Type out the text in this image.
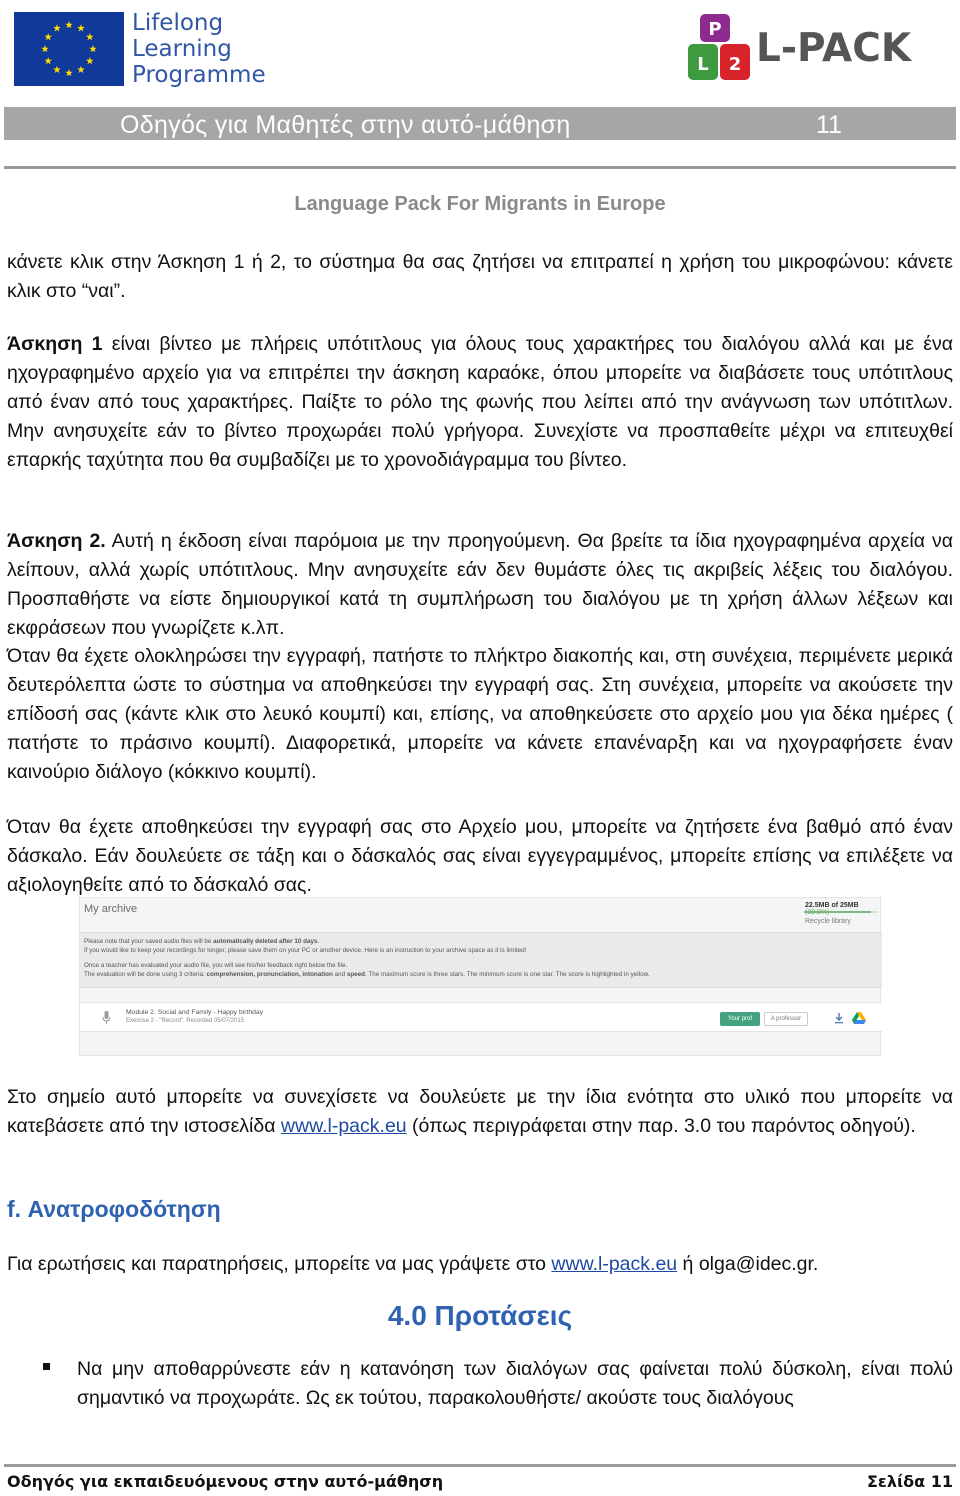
Lifelong
Learning
Programme
P
L 2 L-PACK
Οδηγός για Μαθητές στην αυτό-μάθηση	11
Language Pack For Migrants in Europe
κάνετε κλικ στην Άσκηση 1 ή 2, το σύστημα θα σας ζητήσει να επιτραπεί η χρήση του μικροφώνου: κάνετε κλικ στο “ναι”.
Άσκηση 1 είναι βίντεο με πλήρεις υπότιτλους για όλους τους χαρακτήρες του διαλόγου αλλά και με ένα ηχογραφημένο αρχείο για να επιτρέπει την άσκηση καραόκε, όπου μπορείτε να διαβάσετε τους υπότιτλους από έναν από τους χαρακτήρες. Παίξτε το ρόλο της φωνής που λείπει από την ανάγνωση των υπότιτλων. Μην ανησυχείτε εάν το βίντεο προχωράει πολύ γρήγορα. Συνεχίστε να προσπαθείτε μέχρι να επιτευχθεί επαρκής ταχύτητα που θα συμβαδίζει με το χρονοδιάγραμμα του βίντεο.
Άσκηση 2. Αυτή η έκδοση είναι παρόμοια με την προηγούμενη. Θα βρείτε τα ίδια ηχογραφημένα αρχεία να λείπουν, αλλά χωρίς υπότιτλους. Μην ανησυχείτε εάν δεν θυμάστε όλες τις ακριβείς λέξεις του διαλόγου. Προσπαθήστε να είστε δημιουργικοί κατά τη συμπλήρωση του διαλόγου με τη χρήση άλλων λέξεων και εκφράσεων που γνωρίζετε κ.λπ.
Όταν θα έχετε ολοκληρώσει την εγγραφή, πατήστε το πλήκτρο διακοπής και, στη συνέχεια, περιμένετε μερικά δευτερόλεπτα ώστε το σύστημα να αποθηκεύσει την εγγραφή σας. Στη συνέχεια, μπορείτε να ακούσετε την επίδοσή σας (κάντε κλικ στο λευκό κουμπί) και, επίσης, να αποθηκεύσετε στο αρχείο μου για δέκα ημέρες ( πατήστε το πράσινο κουμπί). Διαφορετικά, μπορείτε να κάνετε επανέναρξη και να ηχογραφήσετε έναν καινούριο διάλογο (κόκκινο κουμπί).
Όταν θα έχετε αποθηκεύσει την εγγραφή σας στο Αρχείο μου, μπορείτε να ζητήσετε ένα βαθμό από έναν δάσκαλο. Εάν δουλεύετε σε τάξη και ο δάσκαλός σας είναι εγγεγραμμένος, μπορείτε επίσης να επιλέξετε να αξιολογηθείτε από το δάσκαλό σας.
My archive	22.5MB of 25MB
Recycle library
Please note that your saved audio files will be automatically deleted after 10 days.
If you would like to keep your recordings for longer, please save them on your PC or another device. Here is an instruction to your archive space as it is limited!
Once a teacher has evaluated your audio file, you will see his/her feedback right below the file.
The evaluation will be done using 3 criteria: comprehension, pronunciation, intonation and speed. The maximum score is three stars. The minimum score is one star. The score is highlighted in yellow.
Module 2. Social and Family - Happy birthday
Exercise 2 - "Record". Recorded 05/07/2015	Your prof	A professor
Στο σημείο αυτό μπορείτε να συνεχίσετε να δουλεύετε με την ίδια ενότητα στο υλικό που μπορείτε να κατεβάσετε από την ιστοσελίδα www.l-pack.eu (όπως περιγράφεται στην παρ. 3.0 του παρόντος οδηγού).
f. Ανατροφοδότηση
Για ερωτήσεις και παρατηρήσεις, μπορείτε να μας γράψετε στο www.l-pack.eu ή olga@idec.gr.
4.0 Προτάσεις
Να μην αποθαρρύνεστε εάν η κατανόηση των διαλόγων σας φαίνεται πολύ δύσκολη, είναι πολύ σημαντικό να προχωράτε. Ως εκ τούτου, παρακολουθήστε/ ακούστε τους διαλόγους
Οδηγός για εκπαιδευόμενους στην αυτό-μάθηση	Σελίδα 11
